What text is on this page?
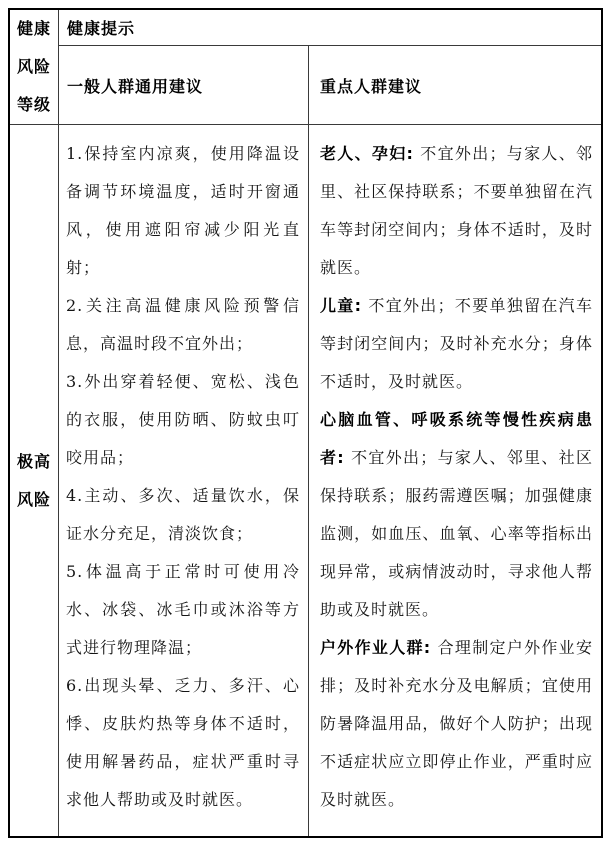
健康
风险
等级
健康提示
一般人群通用建议	重点人群建议
极高
风险

1.保持室内凉爽，使用降温设备调节环境温度，适时开窗通风，使用遮阳帘减少阳光直射；

2.关注高温健康风险预警信息，高温时段不宜外出；

3.外出穿着轻便、宽松、浅色的衣服，使用防晒、防蚊虫叮咬用品；

4.主动、多次、适量饮水，保证水分充足，清淡饮食；

5.体温高于正常时可使用冷水、冰袋、冰毛巾或沐浴等方式进行物理降温；

6.出现头晕、乏力、多汗、心悸、皮肤灼热等身体不适时，使用解暑药品，症状严重时寻求他人帮助或及时就医。

老人、孕妇: 不宜外出；与家人、邻里、社区保持联系；不要单独留在汽车等封闭空间内；身体不适时，及时就医。

儿童: 不宜外出；不要单独留在汽车等封闭空间内；及时补充水分；身体不适时，及时就医。

心脑血管、呼吸系统等慢性疾病患者: 不宜外出；与家人、邻里、社区保持联系；服药需遵医嘱；加强健康监测，如血压、血氧、心率等指标出现异常，或病情波动时，寻求他人帮助或及时就医。

户外作业人群: 合理制定户外作业安排；及时补充水分及电解质；宜使用防暑降温用品，做好个人防护；出现不适症状应立即停止作业，严重时应及时就医。
